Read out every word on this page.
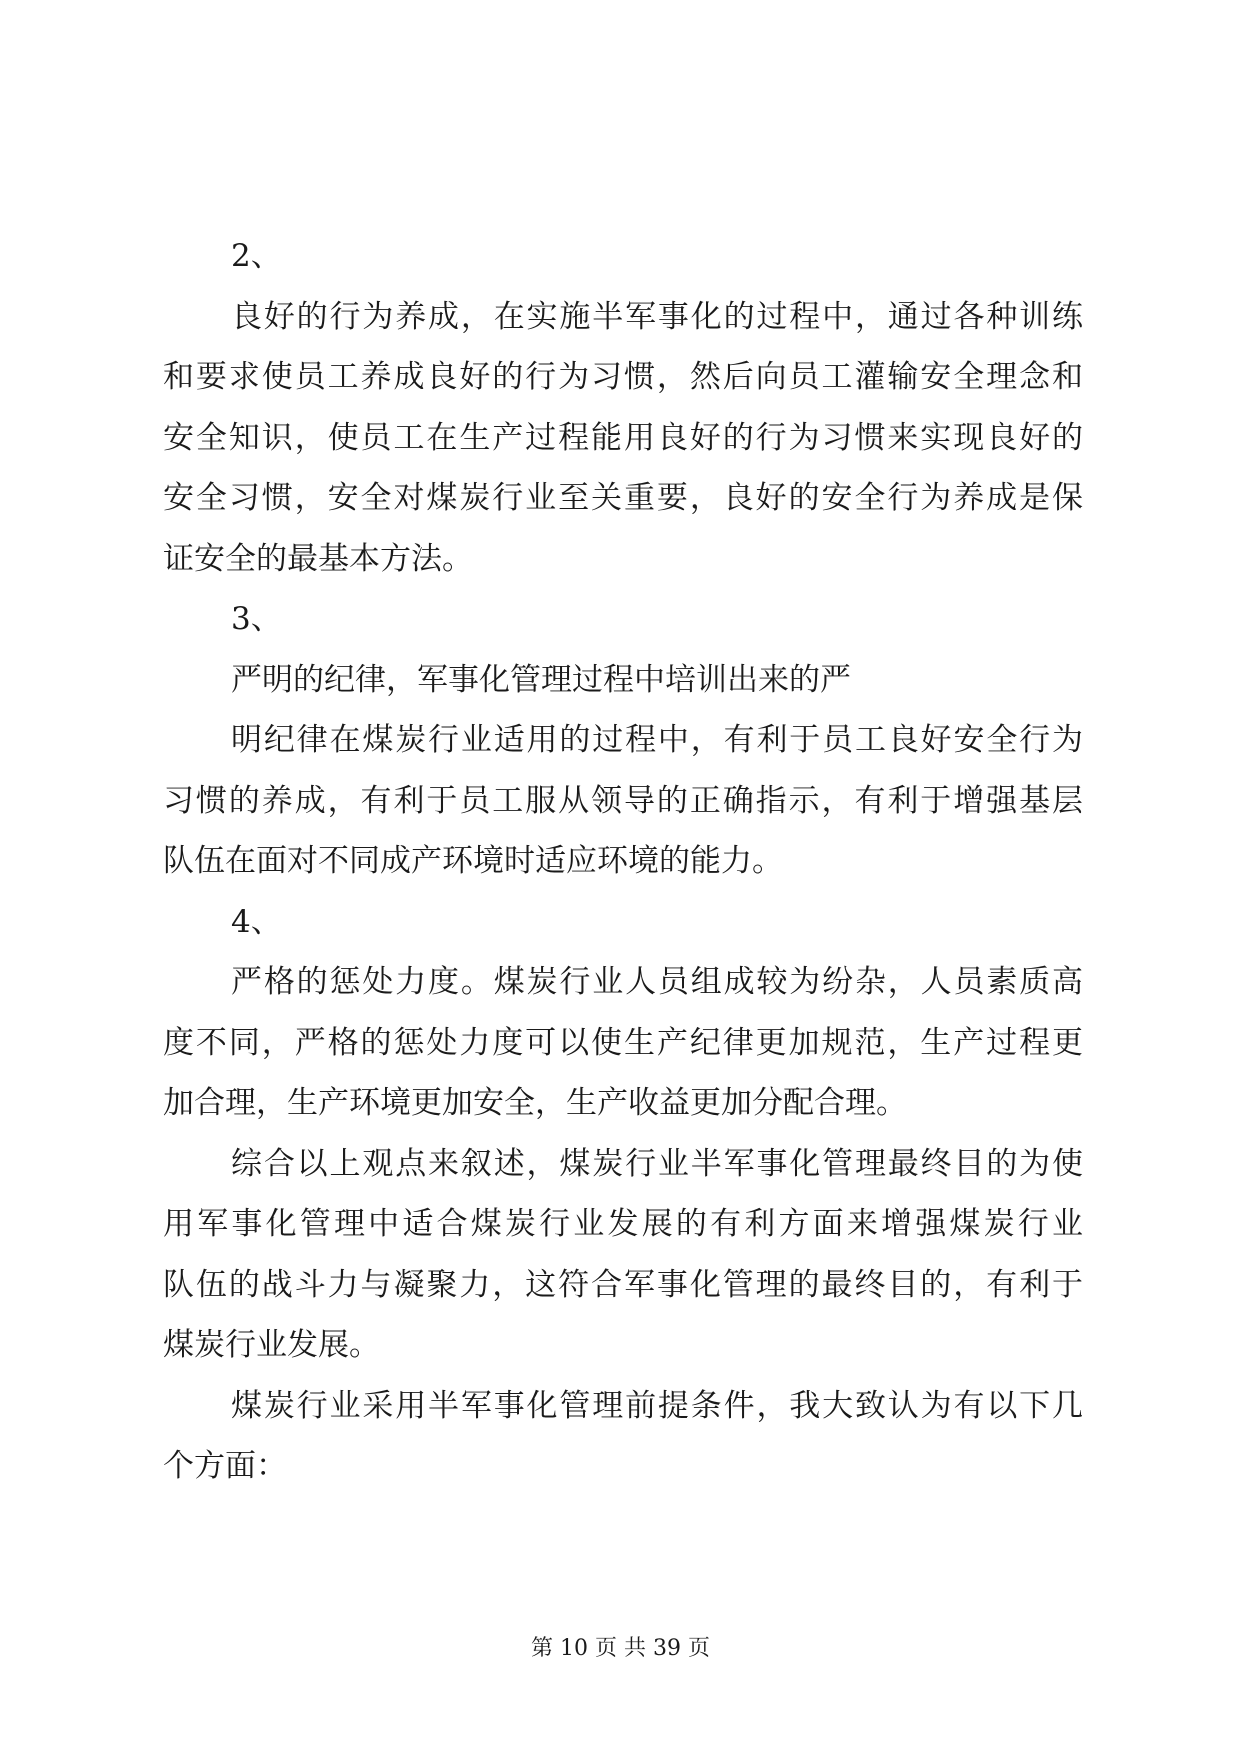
2、
良好的行为养成，在实施半军事化的过程中，通过各种训练
和要求使员工养成良好的行为习惯，然后向员工灌输安全理念和
安全知识，使员工在生产过程能用良好的行为习惯来实现良好的
安全习惯，安全对煤炭行业至关重要，良好的安全行为养成是保
证安全的最基本方法。
3、
严明的纪律，军事化管理过程中培训出来的严
明纪律在煤炭行业适用的过程中，有利于员工良好安全行为
习惯的养成，有利于员工服从领导的正确指示，有利于增强基层
队伍在面对不同成产环境时适应环境的能力。
4、
严格的惩处力度。煤炭行业人员组成较为纷杂，人员素质高
度不同，严格的惩处力度可以使生产纪律更加规范，生产过程更
加合理，生产环境更加安全，生产收益更加分配合理。
综合以上观点来叙述，煤炭行业半军事化管理最终目的为使
用军事化管理中适合煤炭行业发展的有利方面来增强煤炭行业
队伍的战斗力与凝聚力，这符合军事化管理的最终目的，有利于
煤炭行业发展。
煤炭行业采用半军事化管理前提条件，我大致认为有以下几
个方面：
第 10 页 共 39 页
